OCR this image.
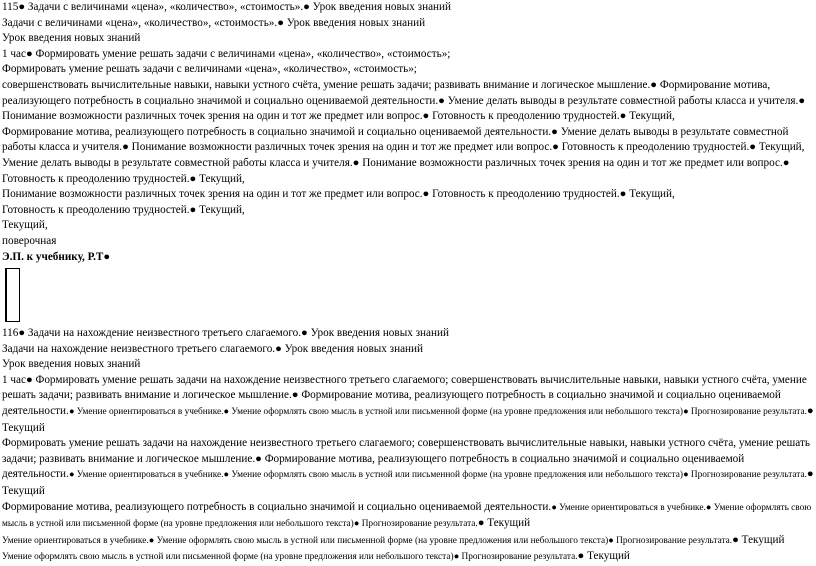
115● Задачи с величинами «цена», «количество», «стоимость».● Урок введения новых знаний
Задачи с величинами «цена», «количество», «стоимость».● Урок введения новых знаний
Урок введения новых знаний
1 час● Формировать умение решать задачи с величинами «цена», «количество», «стоимость»;
Формировать умение решать задачи с величинами «цена», «количество», «стоимость»;
совершенствовать вычислительные навыки, навыки устного счёта, умение решать задачи; развивать внимание и логическое мышление.● Формирование мотива, реализующего потребность в социально значимой и социально оцениваемой деятельности.● Умение делать выводы в результате совместной работы класса и учителя.● Понимание возможности различных точек зрения на один и тот же предмет или вопрос.● Готовность к преодолению трудностей.● Текущий,
Формирование мотива, реализующего потребность в социально значимой и социально оцениваемой деятельности.● Умение делать выводы в результате совместной работы класса и учителя.● Понимание возможности различных точек зрения на один и тот же предмет или вопрос.● Готовность к преодолению трудностей.● Текущий,
Умение делать выводы в результате совместной работы класса и учителя.● Понимание возможности различных точек зрения на один и тот же предмет или вопрос.● Готовность к преодолению трудностей.● Текущий,
Понимание возможности различных точек зрения на один и тот же предмет или вопрос.● Готовность к преодолению трудностей.● Текущий,
Готовность к преодолению трудностей.● Текущий,
Текущий,
поверочная
Э.П. к учебнику, Р.Т●
116● Задачи на нахождение неизвестного третьего слагаемого.● Урок введения новых знаний
Задачи на нахождение неизвестного третьего слагаемого.● Урок введения новых знаний
Урок введения новых знаний
1 час● Формировать умение решать задачи на нахождение неизвестного третьего слагаемого; совершенствовать вычислительные навыки, навыки устного счёта, умение решать задачи; развивать внимание и логическое мышление.● Формирование мотива, реализующего потребность в социально значимой и социально оцениваемой деятельности.● Умение ориентироваться в учебнике.● Умение оформлять свою мысль в устной или письменной форме (на уровне предложения или небольшого текста)● Прогнозирование результата.● Текущий
Формировать умение решать задачи на нахождение неизвестного третьего слагаемого; совершенствовать вычислительные навыки, навыки устного счёта, умение решать задачи; развивать внимание и логическое мышление.● Формирование мотива, реализующего потребность в социально значимой и социально оцениваемой деятельности.● Умение ориентироваться в учебнике.● Умение оформлять свою мысль в устной или письменной форме (на уровне предложения или небольшого текста)● Прогнозирование результата.● Текущий
Формирование мотива, реализующего потребность в социально значимой и социально оцениваемой деятельности.● Умение ориентироваться в учебнике.● Умение оформлять свою мысль в устной или письменной форме (на уровне предложения или небольшого текста)● Прогнозирование результата.● Текущий
Умение ориентироваться в учебнике.● Умение оформлять свою мысль в устной или письменной форме (на уровне предложения или небольшого текста)● Прогнозирование результата.● Текущий
Умение оформлять свою мысль в устной или письменной форме (на уровне предложения или небольшого текста)● Прогнозирование результата.● Текущий
